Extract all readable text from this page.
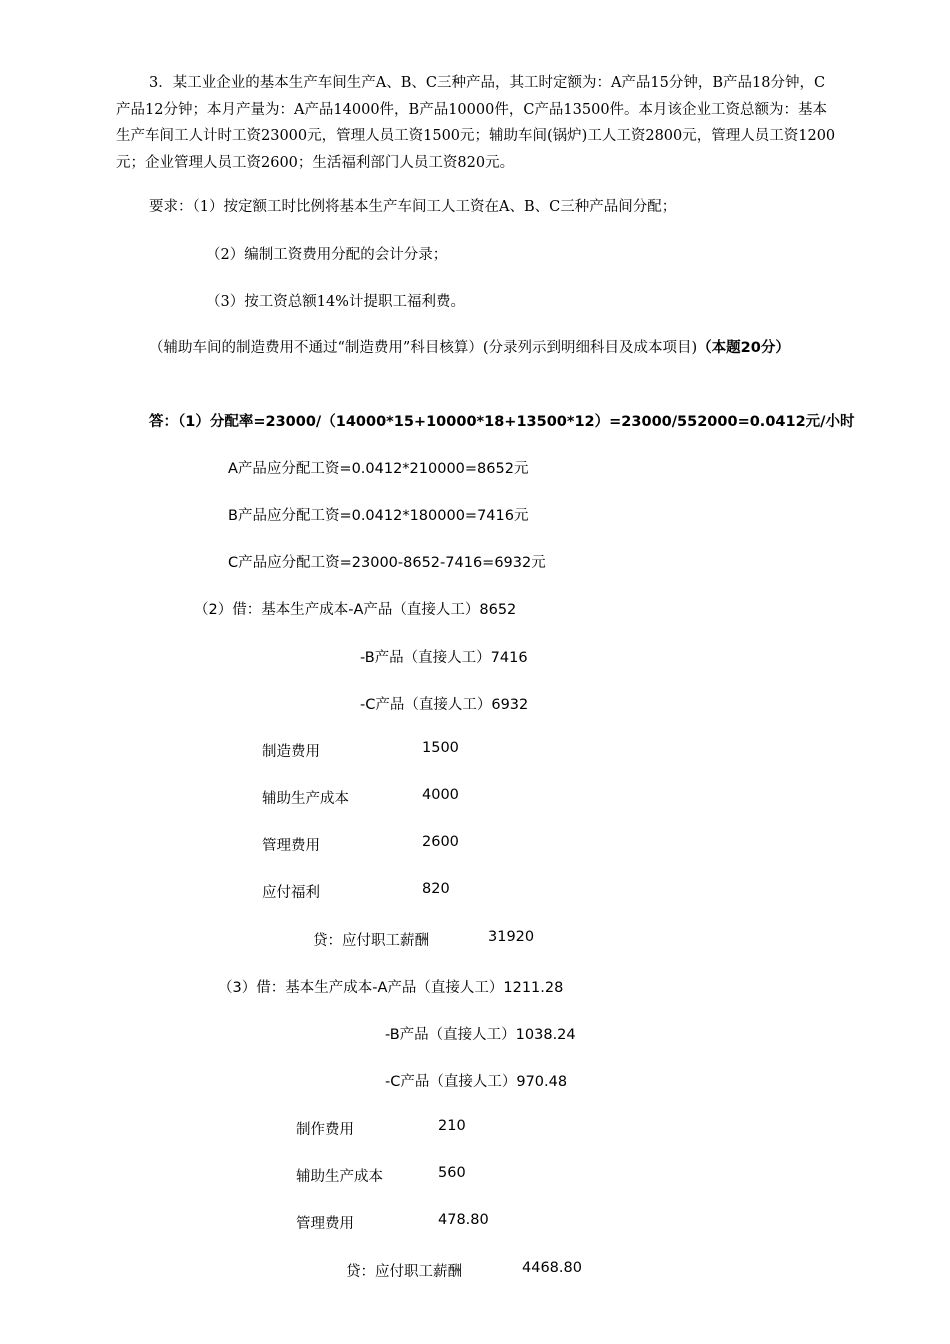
3．某工业企业的基本生产车间生产A、B、C三种产品，其工时定额为：A产品15分钟，B产品18分钟，C产品12分钟；本月产量为：A产品14000件，B产品10000件，C产品13500件。本月该企业工资总额为：基本生产车间工人计时工资23000元，管理人员工资1500元；辅助车间(锅炉)工人工资2800元，管理人员工资1200元；企业管理人员工资2600；生活福利部门人员工资820元。
要求：（1）按定额工时比例将基本生产车间工人工资在A、B、C三种产品间分配；
（2）编制工资费用分配的会计分录；
（3）按工资总额14%计提职工福利费。
（辅助车间的制造费用不通过“制造费用”科目核算）(分录列示到明细科目及成本项目)（本题20分）
答：（1）分配率=23000/（14000*15+10000*18+13500*12）=23000/552000=0.0412元/小时
A产品应分配工资=0.0412*210000=8652元
B产品应分配工资=0.0412*180000=7416元
C产品应分配工资=23000-8652-7416=6932元
（2）借：基本生产成本-A产品（直接人工）8652
-B产品（直接人工）7416
-C产品（直接人工）6932
制造费用	1500
辅助生产成本	4000
管理费用	2600
应付福利	820
贷：应付职工薪酬	31920
（3）借：基本生产成本-A产品（直接人工）1211.28
-B产品（直接人工）1038.24
-C产品（直接人工）970.48
制作费用	210
辅助生产成本	560
管理费用	478.80
贷：应付职工薪酬	4468.80
